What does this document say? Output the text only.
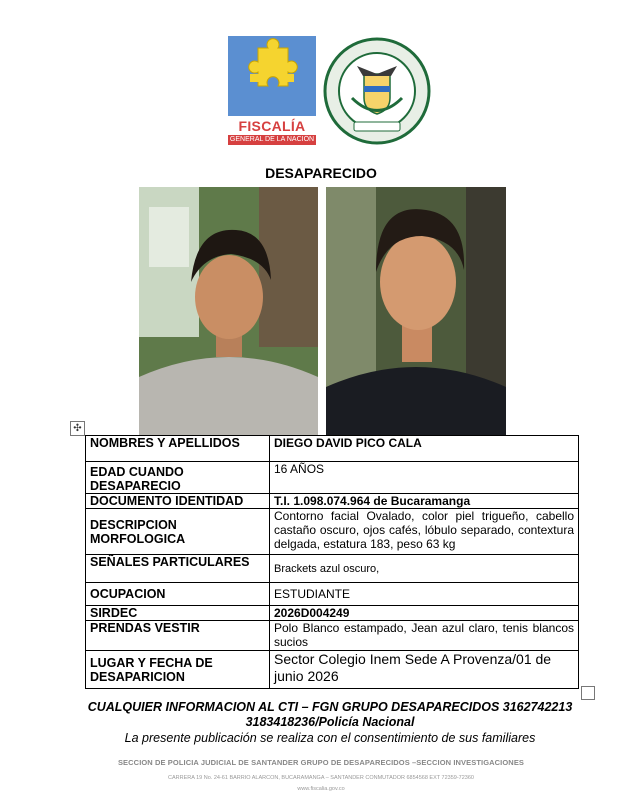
FISCALÍA
GENERAL DE LA NACIÓN
DESAPARECIDO
✣
NOMBRES Y APELLIDOS	DIEGO DAVID PICO CALA
EDAD CUANDO DESAPARECIO	16 AÑOS
DOCUMENTO IDENTIDAD	T.I. 1.098.074.964 de Bucaramanga
DESCRIPCION MORFOLOGICA	Contorno facial Ovalado, color piel trigueño, cabello castaño oscuro, ojos cafés, lóbulo separado, contextura delgada, estatura 183, peso 63 kg
SEÑALES PARTICULARES	Brackets azul oscuro,
OCUPACION	ESTUDIANTE
SIRDEC	2026D004249
PRENDAS VESTIR	Polo Blanco estampado, Jean azul claro, tenis blancos sucios
LUGAR Y FECHA DE DESAPARICION	Sector Colegio Inem Sede A Provenza/01 de junio 2026
CUALQUIER INFORMACION AL CTI – FGN GRUPO DESAPARECIDOS 3162742213 3183418236/Policía Nacional
La presente publicación se realiza con el consentimiento de sus familiares
SECCION DE POLICIA JUDICIAL DE SANTANDER GRUPO DE DESAPARECIDOS –SECCION INVESTIGACIONES
CARRERA 19 No. 24-61 BARRIO ALARCON, BUCARAMANGA – SANTANDER CONMUTADOR 6854568 EXT 72359-72360
www.fiscalia.gov.co
